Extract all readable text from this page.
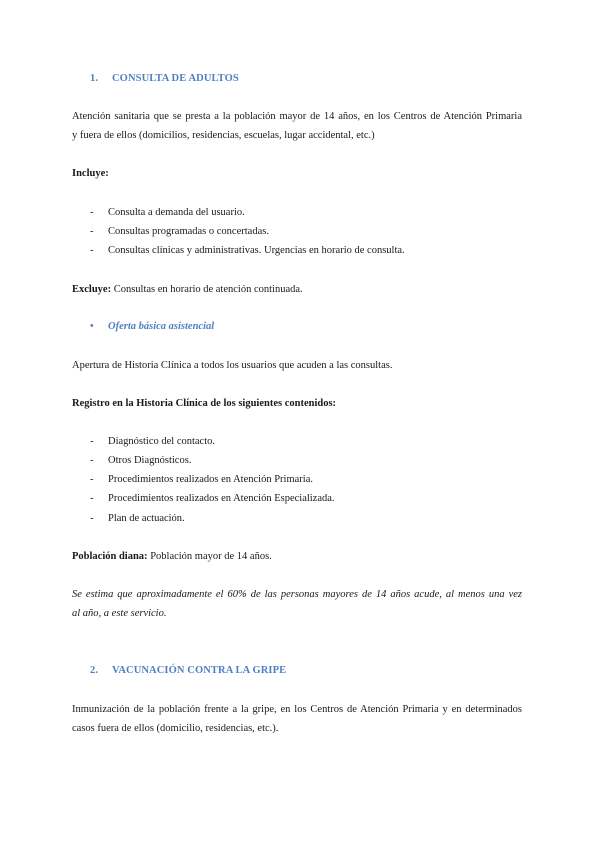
1. CONSULTA DE ADULTOS
Atención sanitaria que se presta a la población mayor de 14 años, en los Centros de Atención Primaria
y fuera de ellos (domicilios, residencias, escuelas, lugar accidental, etc.)
Incluye:
- Consulta a demanda del usuario.
- Consultas programadas o concertadas.
- Consultas clínicas y administrativas. Urgencias en horario de consulta.
Excluye: Consultas en horario de atención continuada.
• Oferta básica asistencial
Apertura de Historia Clínica a todos los usuarios que acuden a las consultas.
Registro en la Historia Clínica de los siguientes contenidos:
- Diagnóstico del contacto.
- Otros Diagnósticos.
- Procedimientos realizados en Atención Primaria.
- Procedimientos realizados en Atención Especializada.
- Plan de actuación.
Población diana: Población mayor de 14 años.
Se estima que aproximadamente el 60% de las personas mayores de 14 años acude, al menos una vez
al año, a este servicio.
2. VACUNACIÓN CONTRA LA GRIPE
Inmunización de la población frente a la gripe, en los Centros de Atención Primaria y en determinados
casos fuera de ellos (domicilio, residencias, etc.).
